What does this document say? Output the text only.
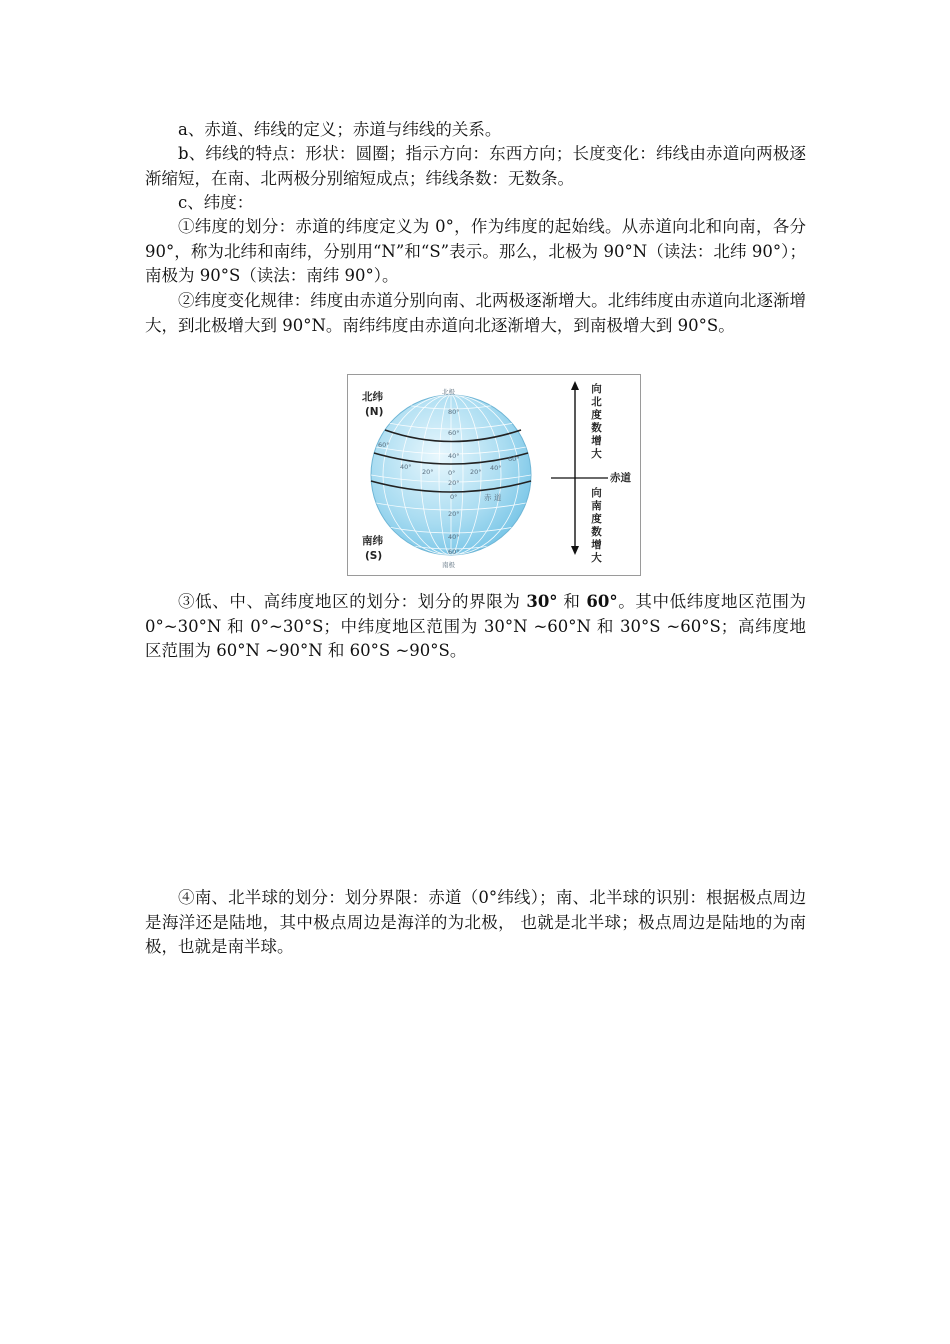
a、赤道、纬线的定义；赤道与纬线的关系。

b、纬线的特点：形状：圆圈；指示方向：东西方向；长度变化：纬线由赤道向两极逐渐缩短，在南、北两极分别缩短成点；纬线条数：无数条。

c、纬度：

①纬度的划分：赤道的纬度定义为 0°，作为纬度的起始线。从赤道向北和向南，各分 90°，称为北纬和南纬，分别用“N”和“S”表示。那么，北极为 90°N（读法：北纬 90°）；南极为 90°S（读法：南纬 90°）。

②纬度变化规律：纬度由赤道分别向南、北两极逐渐增大。北纬纬度由赤道向北逐渐增大，到北极增大到 90°N。南纬纬度由赤道向北逐渐增大，到南极增大到 90°S。

北纬
(N)
南纬
(S)
北极
南极
赤 道
80°
60°
40°
20°
0°
20°
40°
60°
60°
40°
20° 0° 20° 40°
60°
向北度数增大
向南度数增大
赤道

③低、中、高纬度地区的划分：划分的界限为 30° 和 60°。其中低纬度地区范围为 0°~30°N 和 0°~30°S；中纬度地区范围为 30°N ~60°N 和 30°S ~60°S；高纬度地区范围为 60°N ~90°N 和 60°S ~90°S。

④南、北半球的划分：划分界限：赤道（0°纬线）；南、北半球的识别：根据极点周边是海洋还是陆地，其中极点周边是海洋的为北极， 也就是北半球；极点周边是陆地的为南极，也就是南半球。
